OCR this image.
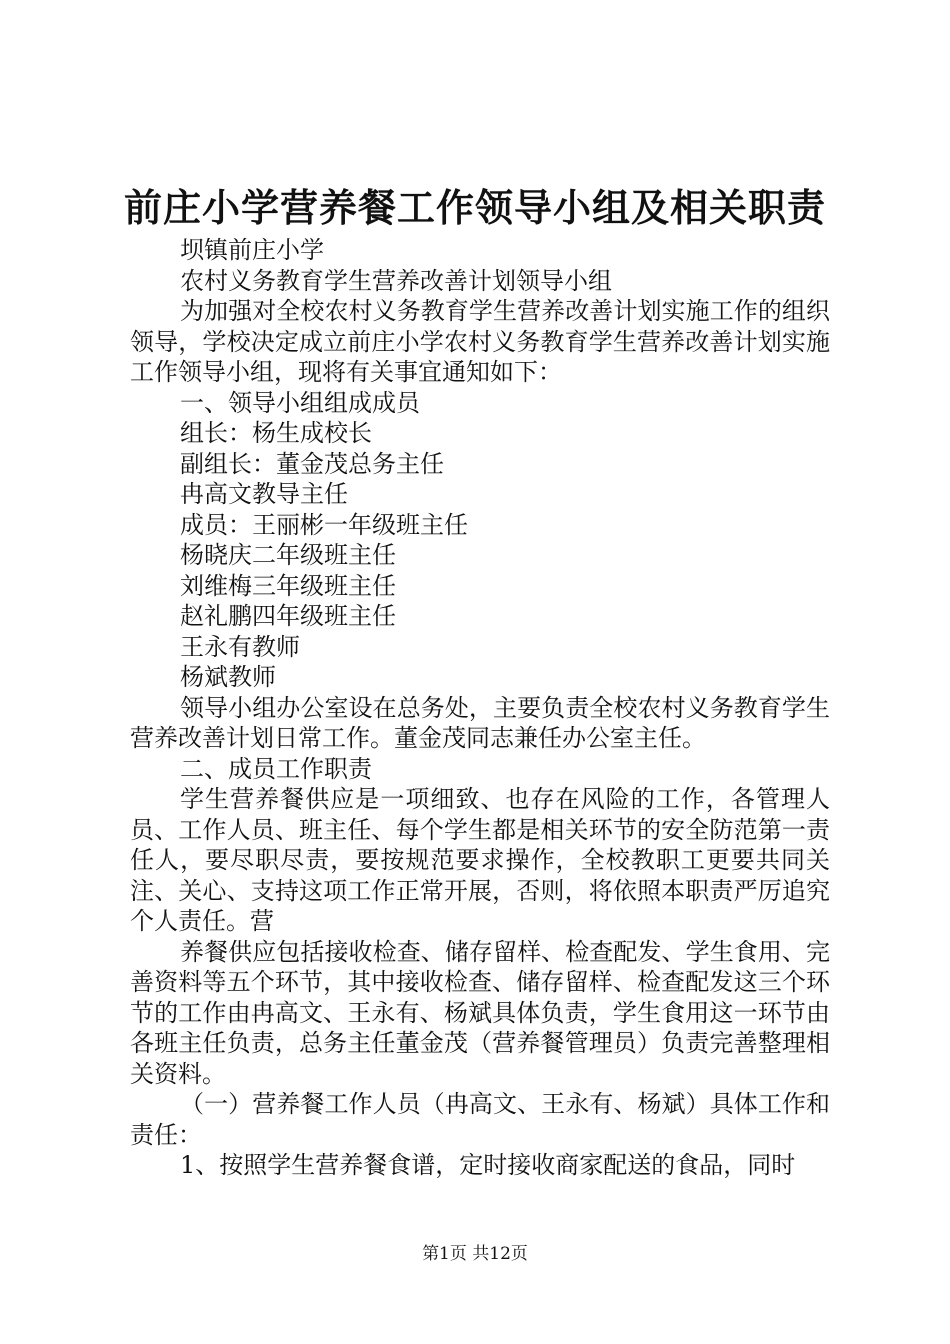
前庄小学营养餐工作领导小组及相关职责

坝镇前庄小学

农村义务教育学生营养改善计划领导小组

为加强对全校农村义务教育学生营养改善计划实施工作的组织领导，学校决定成立前庄小学农村义务教育学生营养改善计划实施工作领导小组，现将有关事宜通知如下：

一、领导小组组成成员

组长：杨生成校长

副组长：董金茂总务主任

冉高文教导主任

成员：王丽彬一年级班主任

杨晓庆二年级班主任

刘维梅三年级班主任

赵礼鹏四年级班主任

王永有教师

杨斌教师

领导小组办公室设在总务处，主要负责全校农村义务教育学生营养改善计划日常工作。董金茂同志兼任办公室主任。

二、成员工作职责

学生营养餐供应是一项细致、也存在风险的工作，各管理人员、工作人员、班主任、每个学生都是相关环节的安全防范第一责任人，要尽职尽责，要按规范要求操作，全校教职工更要共同关注、关心、支持这项工作正常开展，否则，将依照本职责严厉追究个人责任。营

养餐供应包括接收检查、储存留样、检查配发、学生食用、完善资料等五个环节，其中接收检查、储存留样、检查配发这三个环节的工作由冉高文、王永有、杨斌具体负责，学生食用这一环节由各班主任负责，总务主任董金茂（营养餐管理员）负责完善整理相关资料。

（一）营养餐工作人员（冉高文、王永有、杨斌）具体工作和责任：

1、按照学生营养餐食谱，定时接收商家配送的食品，同时

第1页 共12页
